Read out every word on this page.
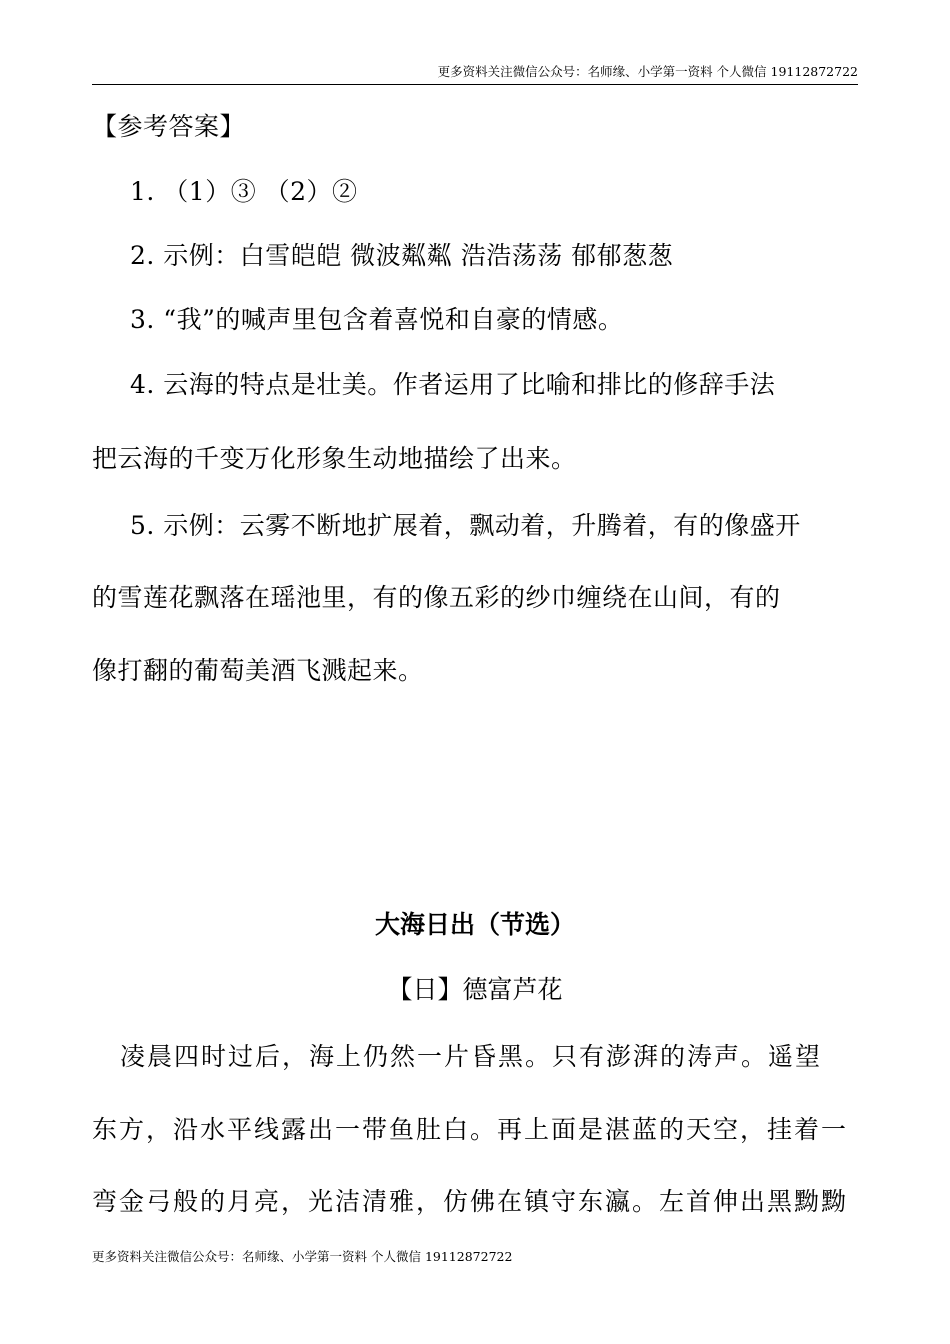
更多资料关注微信公众号：名师缘、小学第一资料 个人微信 19112872722
【参考答案】
1. （1）③ （2）②
2. 示例：白雪皑皑 微波粼粼 浩浩荡荡 郁郁葱葱
3. “我”的喊声里包含着喜悦和自豪的情感。
4. 云海的特点是壮美。作者运用了比喻和排比的修辞手法
把云海的千变万化形象生动地描绘了出来。
5. 示例：云雾不断地扩展着，飘动着，升腾着，有的像盛开
的雪莲花飘落在瑶池里，有的像五彩的纱巾缠绕在山间，有的
像打翻的葡萄美酒飞溅起来。
大海日出（节选）
【日】德富芦花
凌晨四时过后，海上仍然一片昏黑。只有澎湃的涛声。遥望
东方，沿水平线露出一带鱼肚白。再上面是湛蓝的天空，挂着一
弯金弓般的月亮，光洁清雅，仿佛在镇守东瀛。左首伸出黑黝黝
更多资料关注微信公众号：名师缘、小学第一资料 个人微信 19112872722
